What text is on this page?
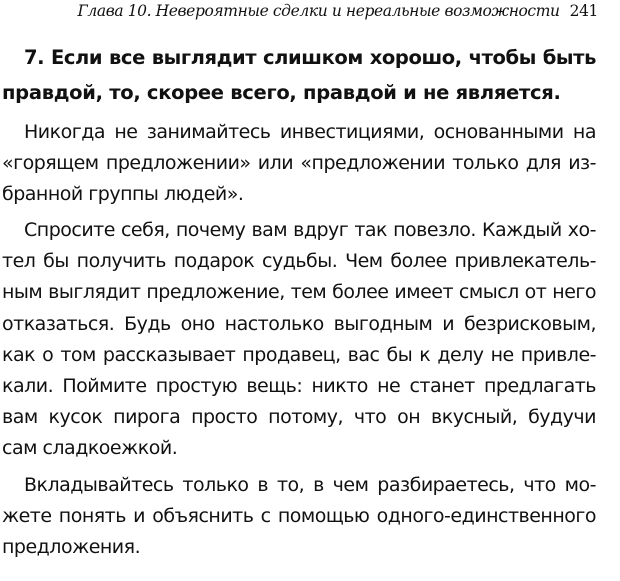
Глава 10. Невероятные сделки и нереальные возможности 241
7. Если все выглядит слишком хорошо, чтобы быть
правдой, то, скорее всего, правдой и не является.
Никогда не занимайтесь инвестициями, основанными на
«горящем предложении» или «предложении только для из-
бранной группы людей».
Спросите себя, почему вам вдруг так повезло. Каждый хо-
тел бы получить подарок судьбы. Чем более привлекатель-
ным выглядит предложение, тем более имеет смысл от него
отказаться. Будь оно настолько выгодным и безрисковым,
как о том рассказывает продавец, вас бы к делу не привле-
кали. Поймите простую вещь: никто не станет предлагать
вам кусок пирога просто потому, что он вкусный, будучи
сам сладкоежкой.
Вкладывайтесь только в то, в чем разбираетесь, что мо-
жете понять и объяснить с помощью одного-единственного
предложения.
